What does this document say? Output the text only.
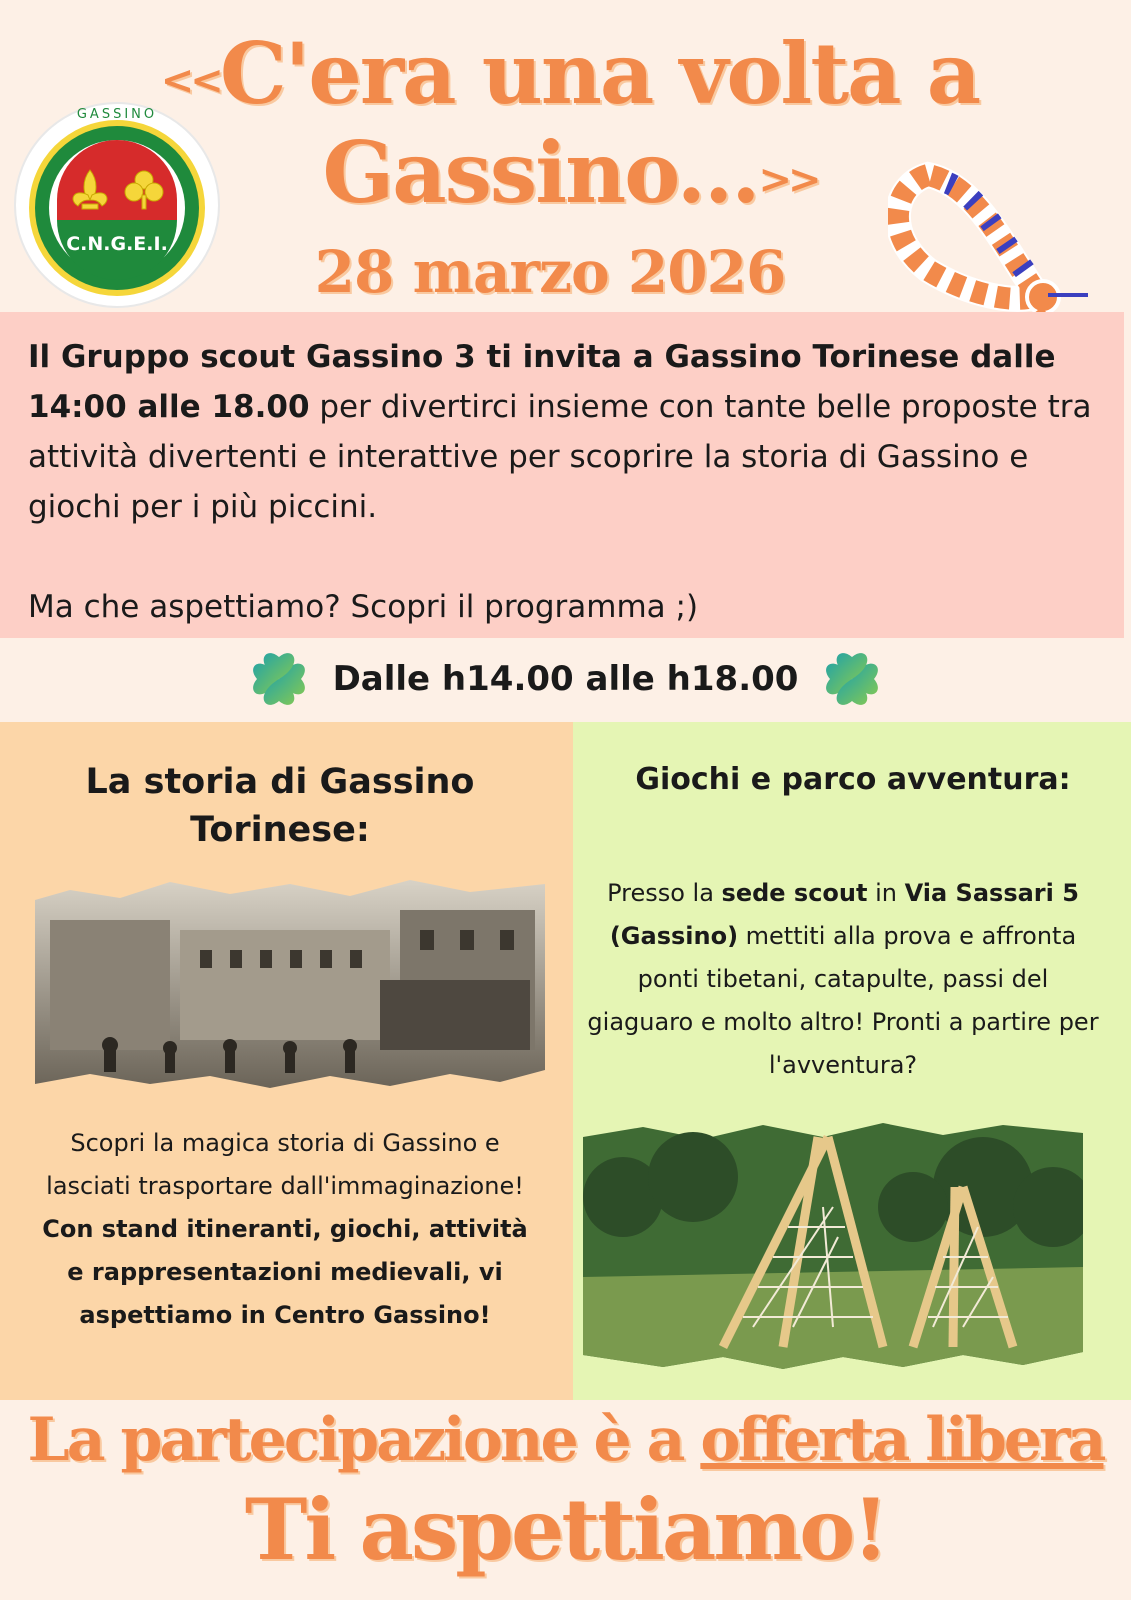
<<C'era una volta a
Gassino...>>
28 marzo 2026
GASSINO
C.N.G.E.I.

Il Gruppo scout Gassino 3 ti invita a Gassino Torinese dalle 14:00 alle 18.00 per divertirci insieme con tante belle proposte tra attività divertenti e interattive per scoprire la storia di Gassino e giochi per i più piccini.

Ma che aspettiamo? Scopri il programma ;)

Dalle h14.00 alle h18.00
La storia di Gassino Torinese:
Scopri la magica storia di Gassino e lasciati trasportare dall'immaginazione! Con stand itineranti, giochi, attività e rappresentazioni medievali, vi aspettiamo in Centro Gassino!
Giochi e parco avventura:
Presso la sede scout in Via Sassari 5 (Gassino) mettiti alla prova e affronta ponti tibetani, catapulte, passi del giaguaro e molto altro! Pronti a partire per l'avventura?
La partecipazione è a offerta libera
Ti aspettiamo!
